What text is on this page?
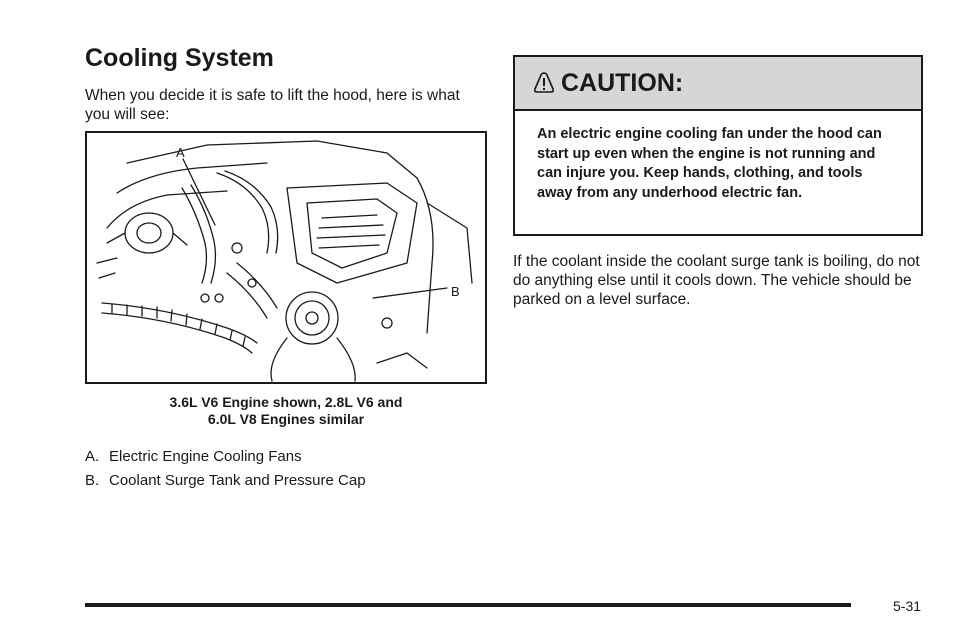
Cooling System

When you decide it is safe to lift the hood, here is what you will see:

A
B

3.6L V6 Engine shown, 2.8L V6 and
6.0L V8 Engines similar

A. Electric Engine Cooling Fans
B. Coolant Surge Tank and Pressure Cap
CAUTION:

An electric engine cooling fan under the hood can start up even when the engine is not running and can injure you. Keep hands, clothing, and tools away from any underhood electric fan.

If the coolant inside the coolant surge tank is boiling, do not do anything else until it cools down. The vehicle should be parked on a level surface.

5-31
